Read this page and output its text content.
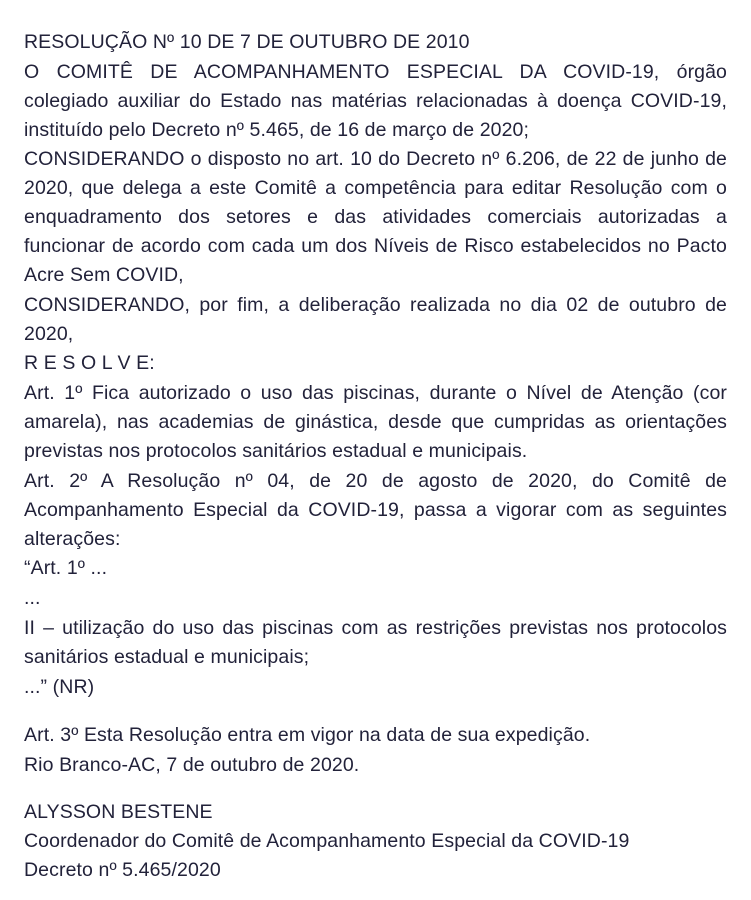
RESOLUÇÃO Nº 10 DE 7 DE OUTUBRO DE 2010

O COMITÊ DE ACOMPANHAMENTO ESPECIAL DA COVID-19, órgão colegiado auxiliar do Estado nas matérias relacionadas à doença COVID-19, instituído pelo Decreto nº 5.465, de 16 de março de 2020;

CONSIDERANDO o disposto no art. 10 do Decreto nº 6.206, de 22 de junho de 2020, que delega a este Comitê a competência para editar Resolução com o enquadramento dos setores e das atividades comerciais autorizadas a funcionar de acordo com cada um dos Níveis de Risco estabelecidos no Pacto Acre Sem COVID,

CONSIDERANDO, por fim, a deliberação realizada no dia 02 de outubro de 2020,

R E S O L V E:

Art. 1º Fica autorizado o uso das piscinas, durante o Nível de Atenção (cor amarela), nas academias de ginástica, desde que cumpridas as orientações previstas nos protocolos sanitários estadual e municipais.

Art. 2º A Resolução nº 04, de 20 de agosto de 2020, do Comitê de Acompanhamento Especial da COVID-19, passa a vigorar com as seguintes alterações:

“Art. 1º ...

...

II – utilização do uso das piscinas com as restrições previstas nos protocolos sanitários estadual e municipais;

...” (NR)

Art. 3º Esta Resolução entra em vigor na data de sua expedição.

Rio Branco-AC, 7 de outubro de 2020.

ALYSSON BESTENE

Coordenador do Comitê de Acompanhamento Especial da COVID-19

Decreto nº 5.465/2020
